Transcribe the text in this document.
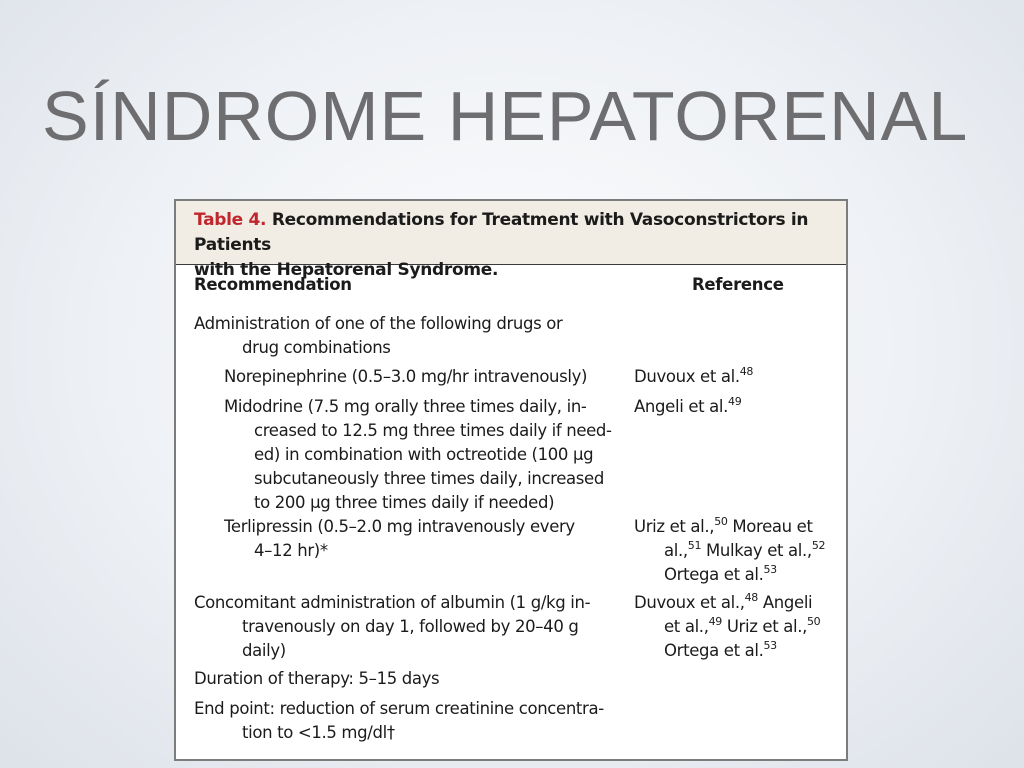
SÍNDROME HEPATORENAL
Table 4. Recommendations for Treatment with Vasoconstrictors in Patients
with the Hepatorenal Syndrome.
Recommendation	Reference
Administration of one of the following drugs or
drug combinations
Norepinephrine (0.5–3.0 mg/hr intravenously)	Duvoux et al.$^{48}$
Midodrine (7.5 mg orally three times daily, in-
creased to 12.5 mg three times daily if need-
ed) in combination with octreotide (100 μg
subcutaneously three times daily, increased
to 200 μg three times daily if needed)
Angeli et al.$^{49}$
Terlipressin (0.5–2.0 mg intravenously every
4–12 hr)*
Uriz et al.,$^{50}$ Moreau et
al.,$^{51}$ Mulkay et al.,$^{52}$
Ortega et al.$^{53}$
Concomitant administration of albumin (1 g/kg in-
travenously on day 1, followed by 20–40 g
daily)
Duvoux et al.,$^{48}$ Angeli
et al.,$^{49}$ Uriz et al.,$^{50}$
Ortega et al.$^{53}$
Duration of therapy: 5–15 days
End point: reduction of serum creatinine concentra-
tion to <1.5 mg/dl†
